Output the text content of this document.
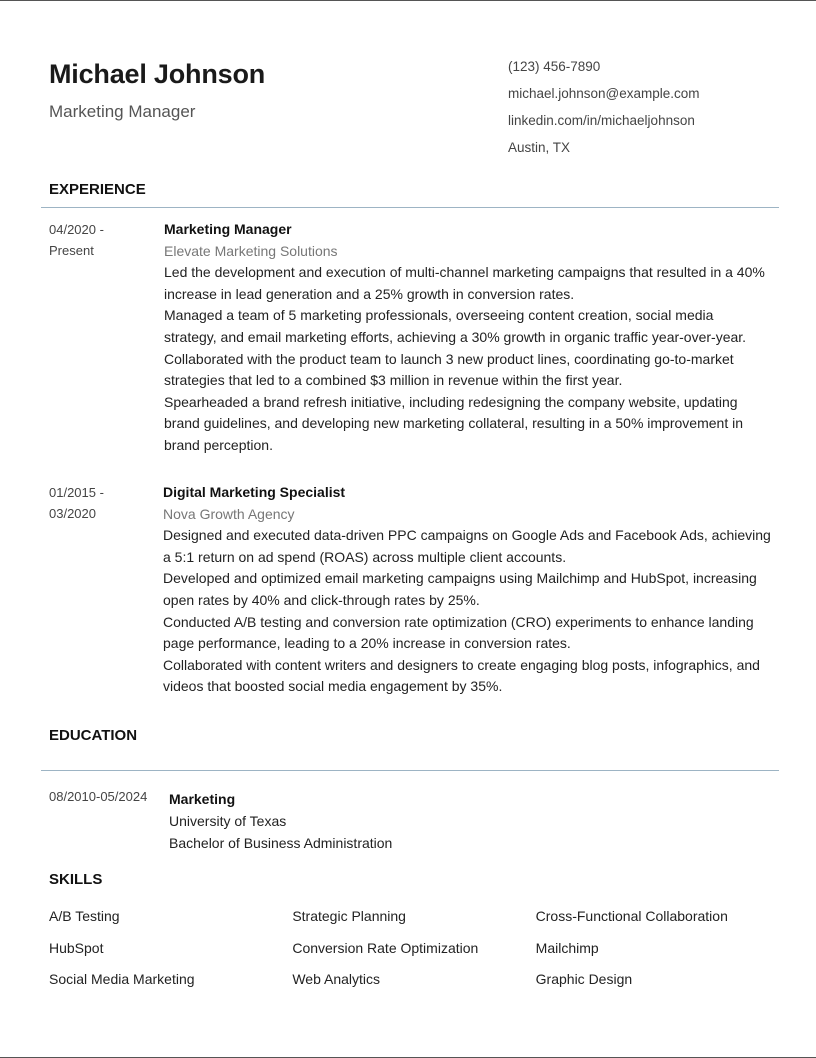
Michael Johnson
Marketing Manager
(123) 456-7890
michael.johnson@example.com
linkedin.com/in/michaeljohnson
Austin, TX
EXPERIENCE
04/2020 -
Present
Marketing Manager
Elevate Marketing Solutions
Led the development and execution of multi-channel marketing campaigns that resulted in a 40%
increase in lead generation and a 25% growth in conversion rates.
Managed a team of 5 marketing professionals, overseeing content creation, social media
strategy, and email marketing efforts, achieving a 30% growth in organic traffic year-over-year.
Collaborated with the product team to launch 3 new product lines, coordinating go-to-market
strategies that led to a combined $3 million in revenue within the first year.
Spearheaded a brand refresh initiative, including redesigning the company website, updating
brand guidelines, and developing new marketing collateral, resulting in a 50% improvement in
brand perception.
01/2015 -
03/2020
Digital Marketing Specialist
Nova Growth Agency
Designed and executed data-driven PPC campaigns on Google Ads and Facebook Ads, achieving
a 5:1 return on ad spend (ROAS) across multiple client accounts.
Developed and optimized email marketing campaigns using Mailchimp and HubSpot, increasing
open rates by 40% and click-through rates by 25%.
Conducted A/B testing and conversion rate optimization (CRO) experiments to enhance landing
page performance, leading to a 20% increase in conversion rates.
Collaborated with content writers and designers to create engaging blog posts, infographics, and
videos that boosted social media engagement by 35%.
EDUCATION
08/2010-05/2024 Marketing
University of Texas
Bachelor of Business Administration
SKILLS
A/B Testing	Strategic Planning	Cross-Functional Collaboration
HubSpot	Conversion Rate Optimization	Mailchimp
Social Media Marketing	Web Analytics	Graphic Design
